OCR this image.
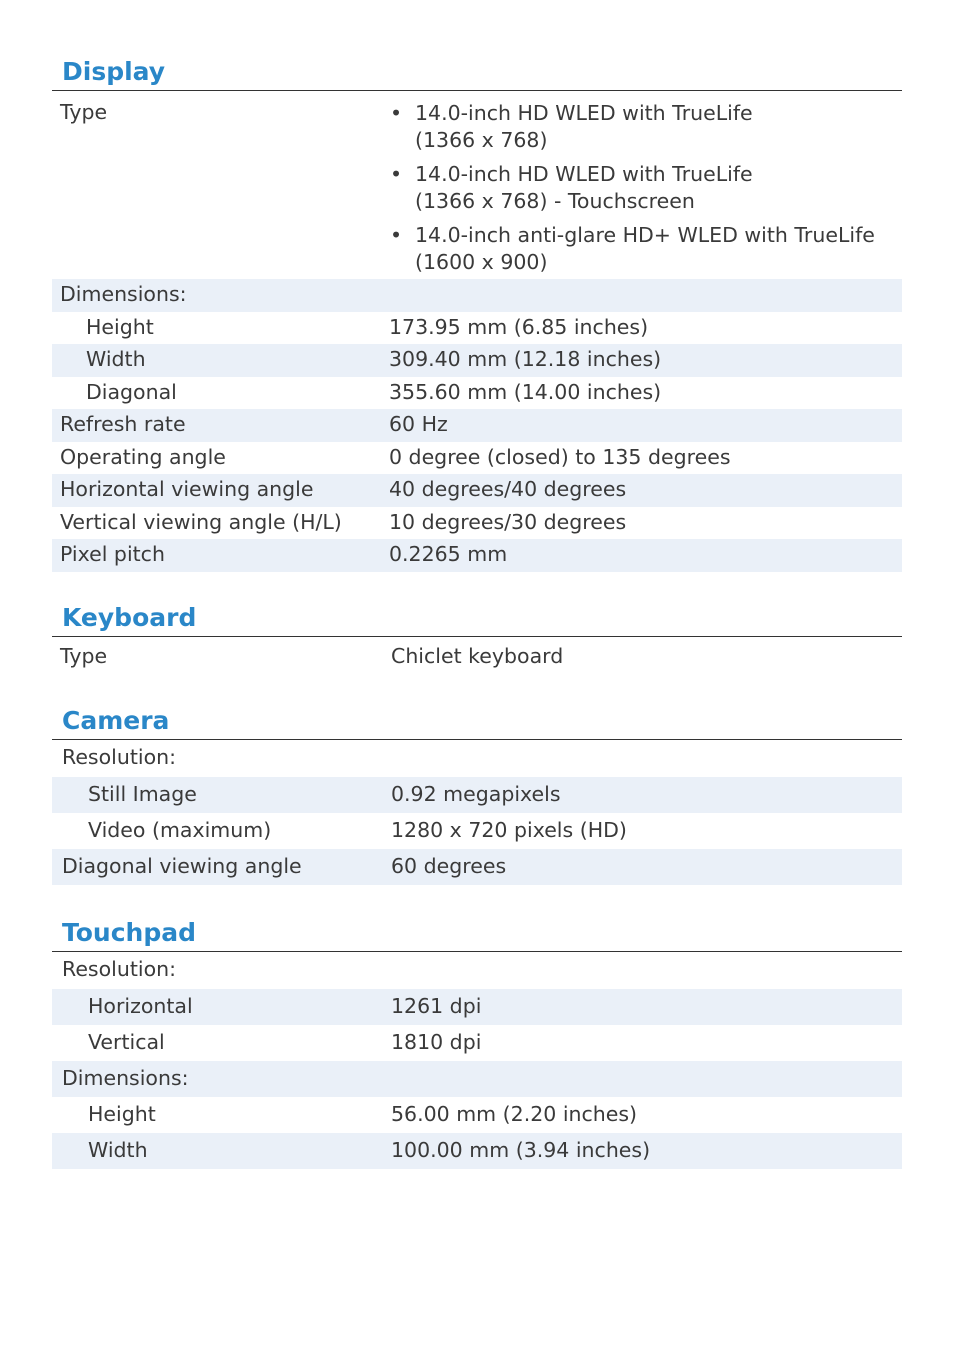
Display
Type
•	14.0-inch HD WLED with TrueLife (1366 x 768)
• 14.0-inch HD WLED with TrueLife (1366 x 768) - Touchscreen
• 14.0-inch anti-glare HD+ WLED with TrueLife (1600 x 900)
Dimensions:
Height	173.95 mm (6.85 inches)
Width	309.40 mm (12.18 inches)
Diagonal	355.60 mm (14.00 inches)
Refresh rate	60 Hz
Operating angle	0 degree (closed) to 135 degrees
Horizontal viewing angle	40 degrees/40 degrees
Vertical viewing angle (H/L) 10 degrees/30 degrees
Pixel pitch	0.2265 mm
Keyboard
Type	Chiclet keyboard
Camera
Resolution:
Still Image	0.92 megapixels
Video (maximum)	1280 x 720 pixels (HD)
Diagonal viewing angle	60 degrees
Touchpad
Resolution:
Horizontal	1261 dpi
Vertical	1810 dpi
Dimensions:
Height	56.00 mm (2.20 inches)
Width	100.00 mm (3.94 inches)
